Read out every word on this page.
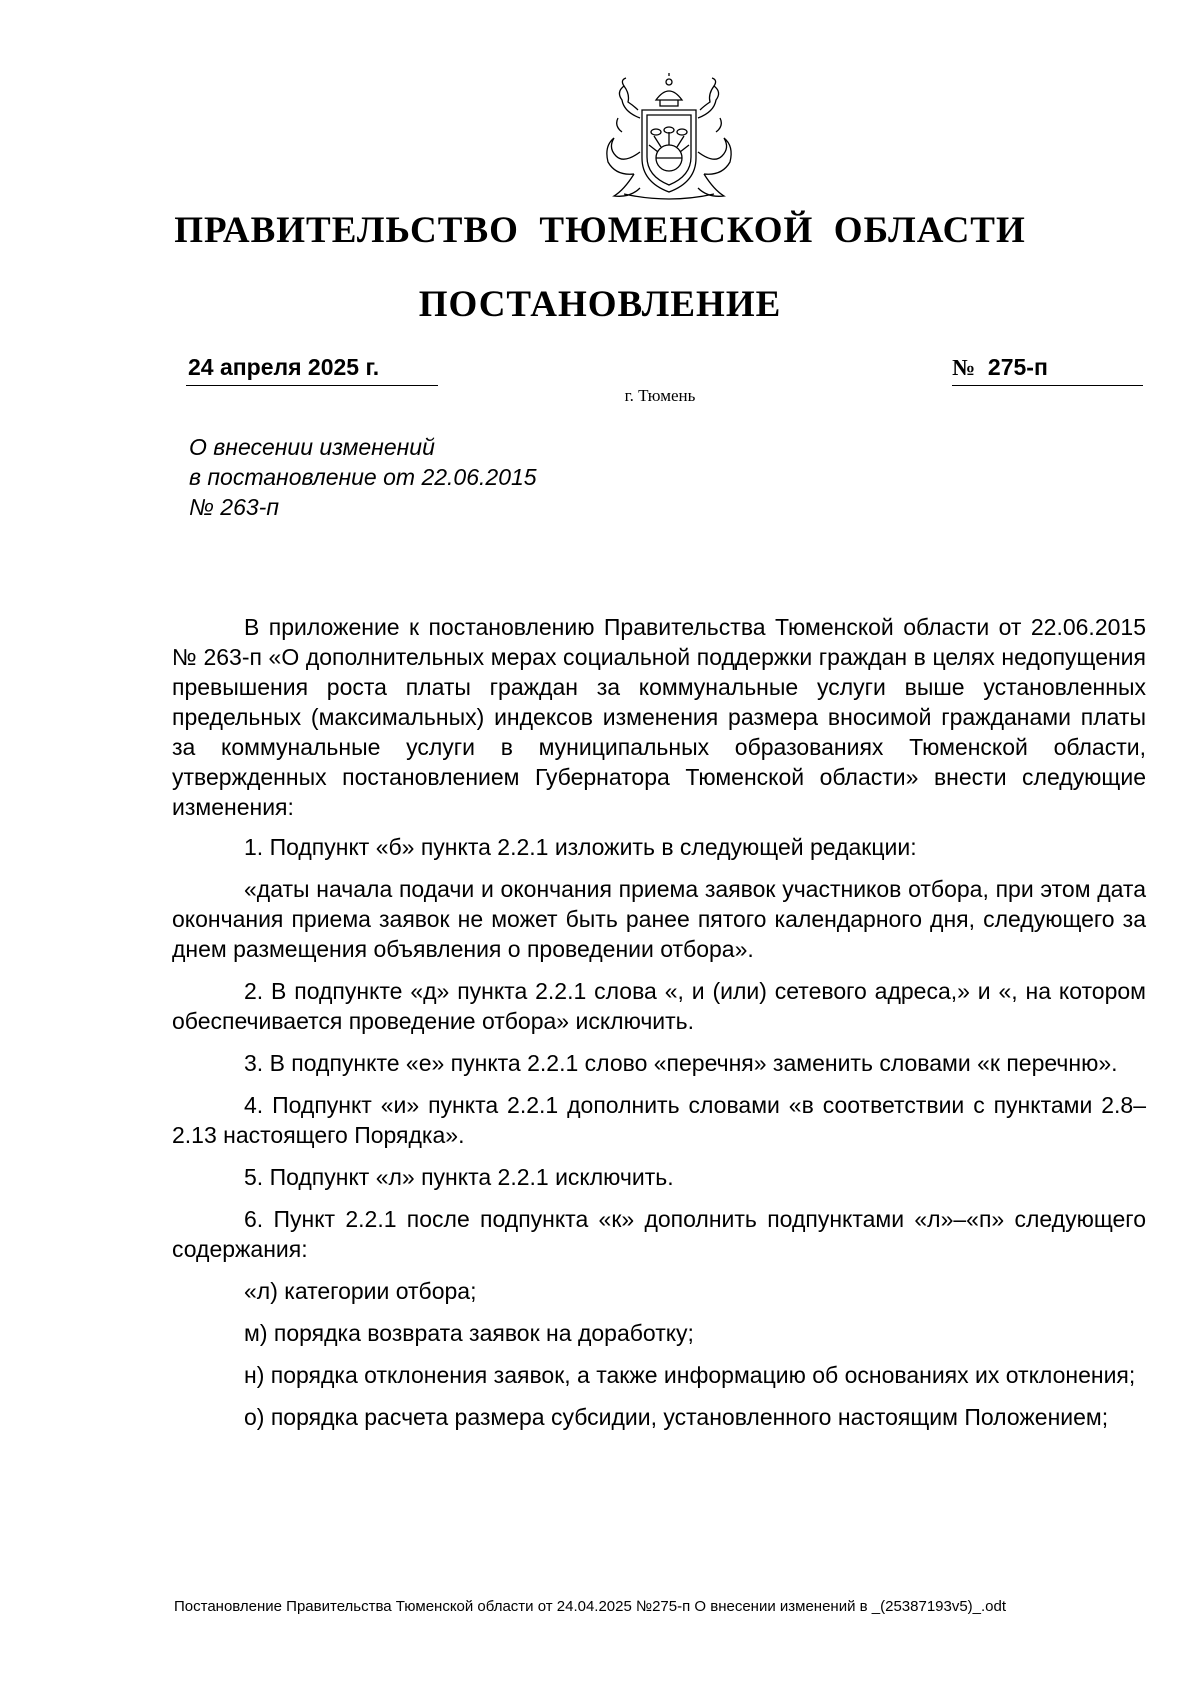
ПРАВИТЕЛЬСТВО  ТЮМЕНСКОЙ  ОБЛАСТИ
ПОСТАНОВЛЕНИЕ
24 апреля 2025 г.	№ 275-п
г. Тюмень
О внесении изменений
в постановление от 22.06.2015
№ 263-п

В приложение к постановлению Правительства Тюменской области от 22.06.2015 № 263-п «О дополнительных мерах социальной поддержки граждан в целях недопущения превышения роста платы граждан за коммунальные услуги выше установленных предельных (максимальных) индексов изменения размера вносимой гражданами платы за коммунальные услуги в муниципальных образованиях Тюменской области, утвержденных постановлением Губернатора Тюменской области» внести следующие изменения:

1. Подпункт «б» пункта 2.2.1 изложить в следующей редакции:

«даты начала подачи и окончания приема заявок участников отбора, при этом дата окончания приема заявок не может быть ранее пятого календарного дня, следующего за днем размещения объявления о проведении отбора».

2. В подпункте «д» пункта 2.2.1 слова «, и (или) сетевого адреса,» и «, на котором обеспечивается проведение отбора» исключить.

3. В подпункте «е» пункта 2.2.1 слово «перечня» заменить словами «к перечню».

4. Подпункт «и» пункта 2.2.1 дополнить словами «в соответствии с пунктами 2.8–2.13 настоящего Порядка».

5. Подпункт «л» пункта 2.2.1 исключить.

6. Пункт 2.2.1 после подпункта «к» дополнить подпунктами «л»–«п» следующего содержания:

«л) категории отбора;

м) порядка возврата заявок на доработку;

н) порядка отклонения заявок, а также информацию об основаниях их отклонения;

о) порядка расчета размера субсидии, установленного настоящим Положением;

Постановление Правительства Тюменской области от 24.04.2025 №275-п О внесении изменений в _(25387193v5)_.odt
